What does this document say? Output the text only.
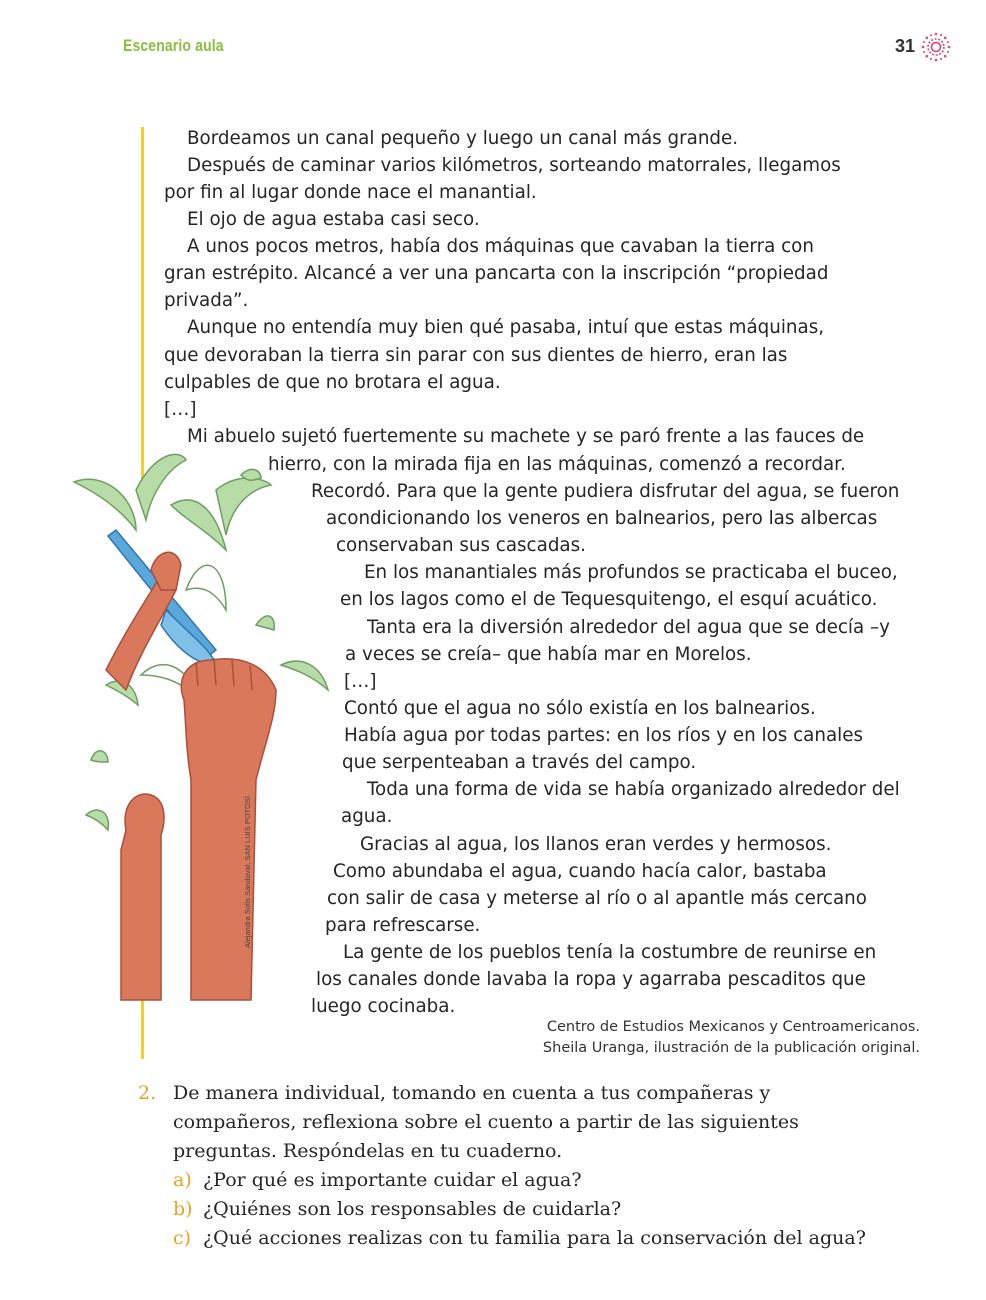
Escenario aula	31
Alejandra Solis Sandoval, SAN LUIS POTOSÍ
Bordeamos un canal pequeño y luego un canal más grande.
Después de caminar varios kilómetros, sorteando matorrales, llegamos
por fin al lugar donde nace el manantial.
El ojo de agua estaba casi seco.
A unos pocos metros, había dos máquinas que cavaban la tierra con
gran estrépito. Alcancé a ver una pancarta con la inscripción “propiedad
privada”.
Aunque no entendía muy bien qué pasaba, intuí que estas máquinas,
que devoraban la tierra sin parar con sus dientes de hierro, eran las
culpables de que no brotara el agua.
[…]
Mi abuelo sujetó fuertemente su machete y se paró frente a las fauces de
hierro, con la mirada fija en las máquinas, comenzó a recordar.
Recordó. Para que la gente pudiera disfrutar del agua, se fueron
acondicionando los veneros en balnearios, pero las albercas
conservaban sus cascadas.
En los manantiales más profundos se practicaba el buceo,
en los lagos como el de Tequesquitengo, el esquí acuático.
Tanta era la diversión alrededor del agua que se decía –y
a veces se creía– que había mar en Morelos.
[…]
Contó que el agua no sólo existía en los balnearios.
Había agua por todas partes: en los ríos y en los canales
que serpenteaban a través del campo.
Toda una forma de vida se había organizado alrededor del
agua.
Gracias al agua, los llanos eran verdes y hermosos.
Como abundaba el agua, cuando hacía calor, bastaba
con salir de casa y meterse al río o al apantle más cercano
para refrescarse.
La gente de los pueblos tenía la costumbre de reunirse en
los canales donde lavaba la ropa y agarraba pescaditos que
luego cocinaba.
Centro de Estudios Mexicanos y Centroamericanos.
Sheila Uranga, ilustración de la publicación original.
2. De manera individual, tomando en cuenta a tus compañeras y
compañeros, reflexiona sobre el cuento a partir de las siguientes
preguntas. Respóndelas en tu cuaderno.
a) ¿Por qué es importante cuidar el agua?
b) ¿Quiénes son los responsables de cuidarla?
c) ¿Qué acciones realizas con tu familia para la conservación del agua?
